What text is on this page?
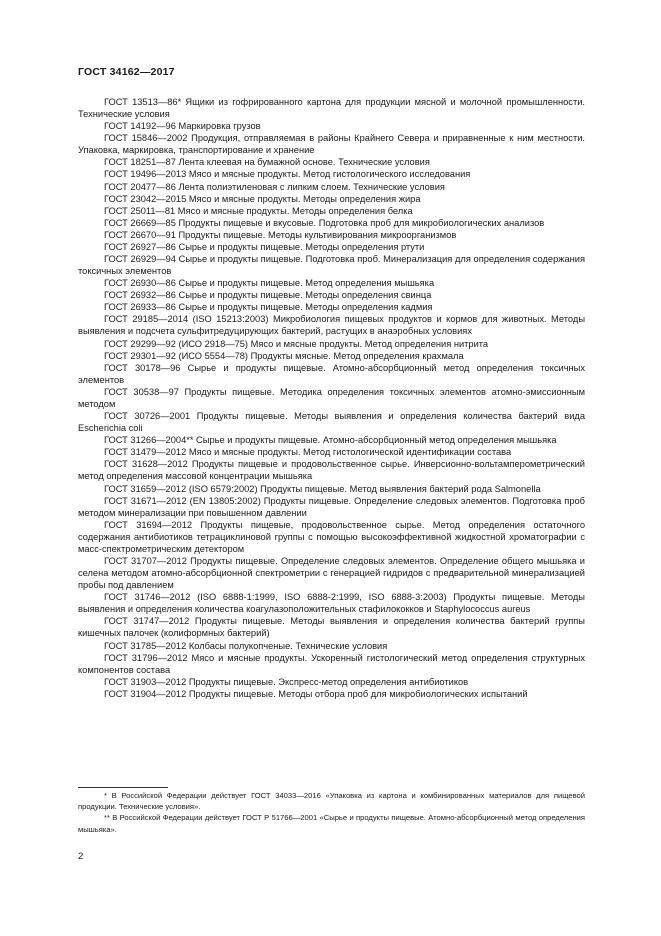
ГОСТ 34162—2017

ГОСТ 13513—86* Ящики из гофрированного картона для продукции мясной и молочной промышленности. Технические условия

ГОСТ 14192—96 Маркировка грузов

ГОСТ 15846—2002 Продукция, отправляемая в районы Крайнего Севера и приравненные к ним местности. Упаковка, маркировка, транспортирование и хранение

ГОСТ 18251—87 Лента клеевая на бумажной основе. Технические условия

ГОСТ 19496—2013 Мясо и мясные продукты. Метод гистологического исследования

ГОСТ 20477—86 Лента полиэтиленовая с липким слоем. Технические условия

ГОСТ 23042—2015 Мясо и мясные продукты. Методы определения жира

ГОСТ 25011—81 Мясо и мясные продукты. Методы определения белка

ГОСТ 26669—85 Продукты пищевые и вкусовые. Подготовка проб для микробиологических анализов

ГОСТ 26670—91 Продукты пищевые. Методы культивирования микроорганизмов

ГОСТ 26927—86 Сырье и продукты пищевые. Методы определения ртути

ГОСТ 26929—94 Сырье и продукты пищевые. Подготовка проб. Минерализация для определения содержания токсичных элементов

ГОСТ 26930—86 Сырье и продукты пищевые. Метод определения мышьяка

ГОСТ 26932—86 Сырье и продукты пищевые. Методы определения свинца

ГОСТ 26933—86 Сырье и продукты пищевые. Методы определения кадмия

ГОСТ 29185—2014 (ISO 15213:2003) Микробиология пищевых продуктов и кормов для животных. Методы выявления и подсчета сульфитредуцирующих бактерий, растущих в анаэробных условиях

ГОСТ 29299—92 (ИСО 2918—75) Мясо и мясные продукты. Метод определения нитрита

ГОСТ 29301—92 (ИСО 5554—78) Продукты мясные. Метод определения крахмала

ГОСТ 30178—96 Сырье и продукты пищевые. Атомно-абсорбционный метод определения токсичных элементов

ГОСТ 30538—97 Продукты пищевые. Методика определения токсичных элементов атомно-эмиссионным методом

ГОСТ 30726—2001 Продукты пищевые. Методы выявления и определения количества бактерий вида Escherichia coli

ГОСТ 31266—2004** Сырье и продукты пищевые. Атомно-абсорбционный метод определения мышьяка

ГОСТ 31479—2012 Мясо и мясные продукты. Метод гистологической идентификации состава

ГОСТ 31628—2012 Продукты пищевые и продовольственное сырье. Инверсионно-вольтамперометрический метод определения массовой концентрации мышьяка

ГОСТ 31659—2012 (ISO 6579:2002) Продукты пищевые. Метод выявления бактерий рода Salmonella

ГОСТ 31671—2012 (EN 13805:2002) Продукты пищевые. Определение следовых элементов. Подготовка проб методом минерализации при повышенном давлении

ГОСТ 31694—2012 Продукты пищевые, продовольственное сырье. Метод определения остаточного содержания антибиотиков тетрациклиновой группы с помощью высокоэффективной жидкостной хроматографии с масс-спектрометрическим детектором

ГОСТ 31707—2012 Продукты пищевые. Определение следовых элементов. Определение общего мышьяка и селена методом атомно-абсорбционной спектрометрии с генерацией гидридов с предварительной минерализацией пробы под давлением

ГОСТ 31746—2012 (ISO 6888-1:1999, ISO 6888-2:1999, ISO 6888-3:2003) Продукты пищевые. Методы выявления и определения количества коагулазоположительных стафилококков и Staphylococcus aureus

ГОСТ 31747—2012 Продукты пищевые. Методы выявления и определения количества бактерий группы кишечных палочек (колиформных бактерий)

ГОСТ 31785—2012 Колбасы полукопченые. Технические условия

ГОСТ 31796—2012 Мясо и мясные продукты. Ускоренный гистологический метод определения структурных компонентов состава

ГОСТ 31903—2012 Продукты пищевые. Экспресс-метод определения антибиотиков

ГОСТ 31904—2012 Продукты пищевые. Методы отбора проб для микробиологических испытаний

* В Российской Федерации действует ГОСТ 34033—2016 «Упаковка из картона и комбинированных материалов для пищевой продукции. Технические условия».

** В Российской Федерации действует ГОСТ Р 51766—2001 «Сырье и продукты пищевые. Атомно-абсорбционный метод определения мышьяка».

2
